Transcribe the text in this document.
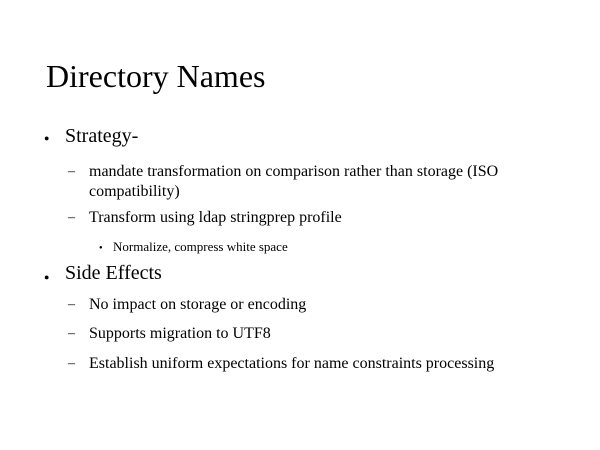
Directory Names
● Strategy-
– mandate transformation on comparison rather than storage (ISO compatibility)
– Transform using ldap stringprep profile
● Normalize, compress white space
● Side Effects
– No impact on storage or encoding
– Supports migration to UTF8
– Establish uniform expectations for name constraints processing
